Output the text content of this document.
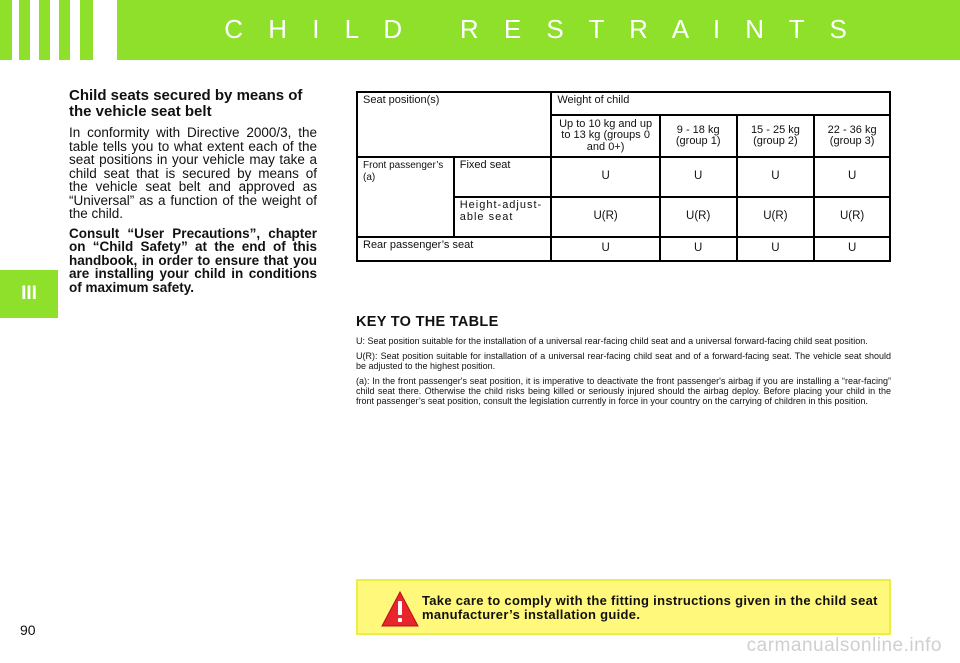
C H I L D   R E S T R A I N T S
III

Child seats secured by means of the vehicle seat belt

In conformity with Directive 2000/3, the table tells you to what extent each of the seat positions in your vehicle may take a child seat that is secured by means of the vehicle seat belt and approved as “Universal” as a function of the weight of the child.

Consult “User Precautions”, chapter on “Child Safety” at the end of this handbook, in order to ensure that you are installing your child in conditions of maximum safety.

Seat position(s)		Weight of child			
		Up to 10 kg and up to 13 kg (groups 0 and 0+)	9 - 18 kg (group 1)	15 - 25 kg (group 2)	22 - 36 kg (group 3)
Front passenger’s (a)	Fixed seat	U	U	U	U
	Height-adjust-able seat	U(R)	U(R)	U(R)	U(R)
Rear passenger’s seat		U	U	U	U
KEY TO THE TABLE

U: Seat position suitable for the installation of a universal rear-facing child seat and a universal forward-facing child seat position.

U(R): Seat position suitable for installation of a universal rear-facing child seat and of a forward-facing seat. The vehicle seat should be adjusted to the highest position.

(a): In the front passenger's seat position, it is imperative to deactivate the front passenger's airbag if you are installing a “rear-facing” child seat there. Otherwise the child risks being killed or seriously injured should the airbag deploy. Before placing your child in the front passenger’s seat position, consult the legislation currently in force in your country on the carrying of children in this position.

Take care to comply with the fitting instructions given in the child seat manufacturer’s installation guide.
90
carmanualsonline.info
